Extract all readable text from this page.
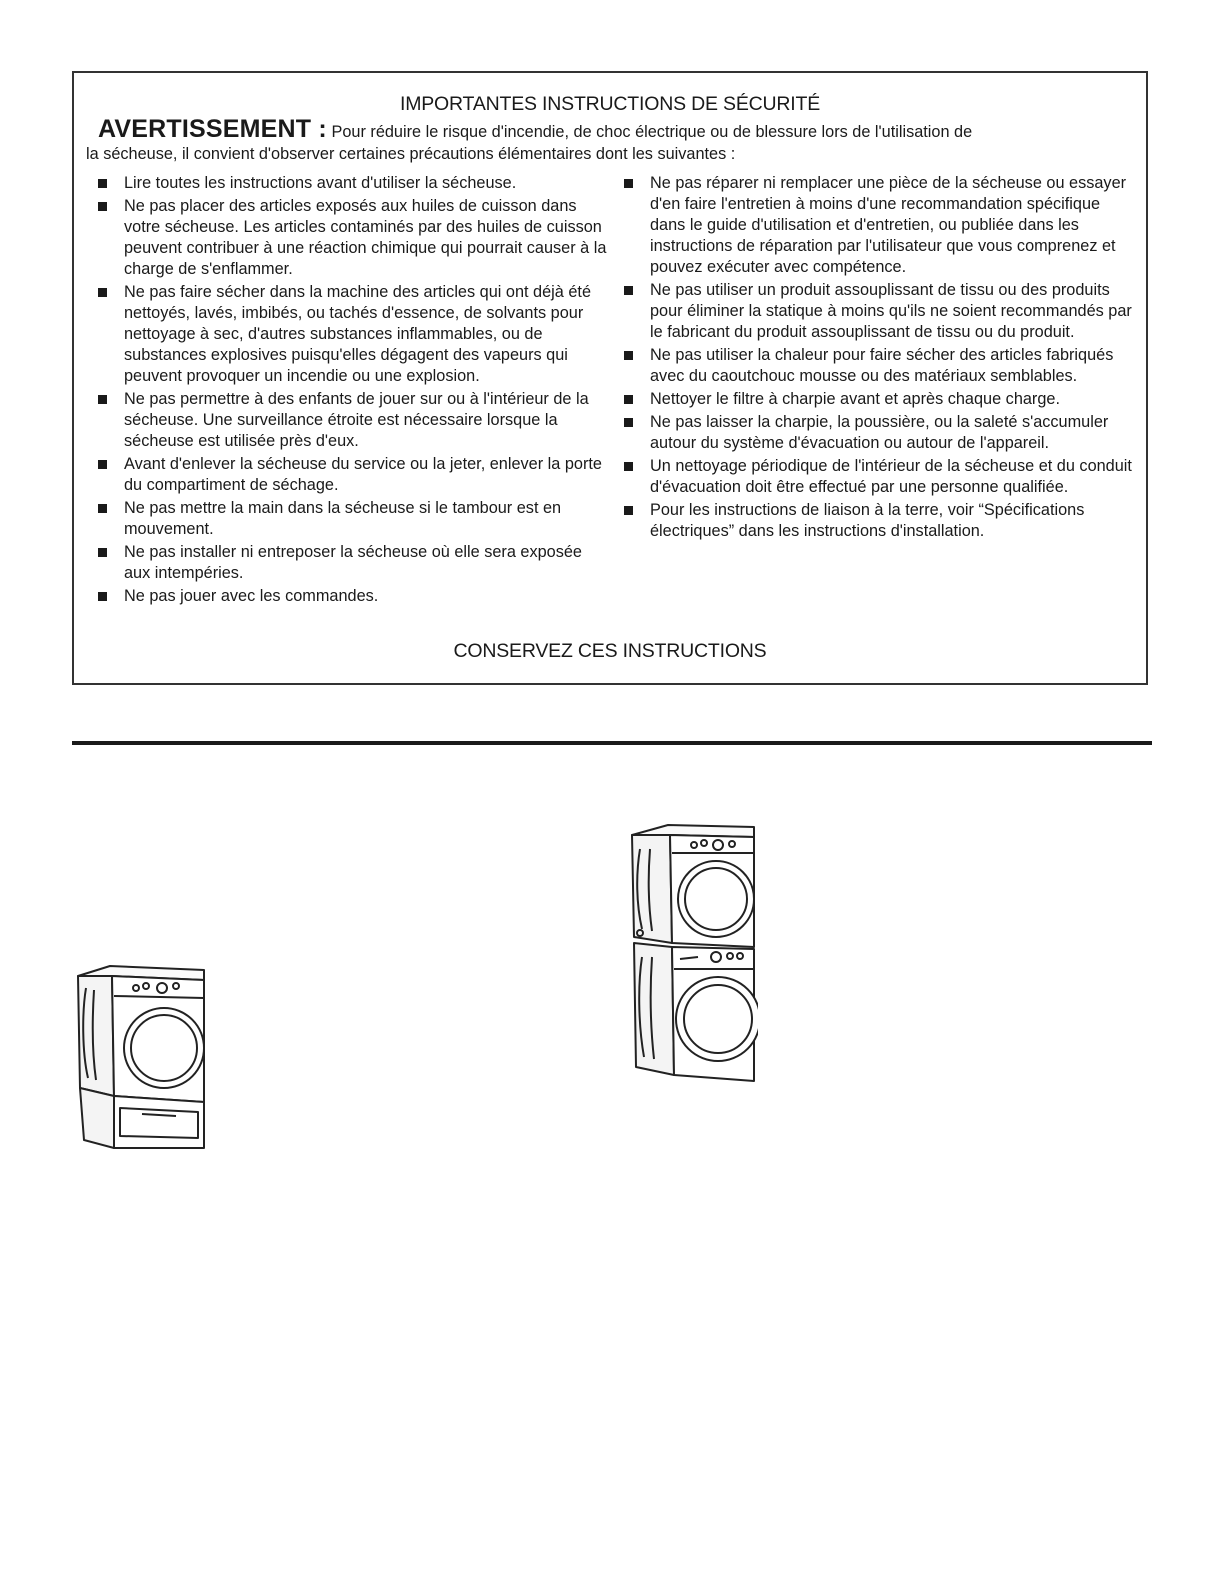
IMPORTANTES INSTRUCTIONS DE SÉCURITÉ
AVERTISSEMENT : Pour réduire le risque d'incendie, de choc électrique ou de blessure lors de l'utilisation de
la sécheuse, il convient d'observer certaines précautions élémentaires dont les suivantes :
Lire toutes les instructions avant d'utiliser la sécheuse.
Ne pas placer des articles exposés aux huiles de cuisson dans votre sécheuse. Les articles contaminés par des huiles de cuisson peuvent contribuer à une réaction chimique qui pourrait causer à la charge de s'enflammer.
Ne pas faire sécher dans la machine des articles qui ont déjà été nettoyés, lavés, imbibés, ou tachés d'essence, de solvants pour nettoyage à sec, d'autres substances inflammables, ou de substances explosives puisqu'elles dégagent des vapeurs qui peuvent provoquer un incendie ou une explosion.
Ne pas permettre à des enfants de jouer sur ou à l'intérieur de la sécheuse. Une surveillance étroite est nécessaire lorsque la sécheuse est utilisée près d'eux.
Avant d'enlever la sécheuse du service ou la jeter, enlever la porte du compartiment de séchage.
Ne pas mettre la main dans la sécheuse si le tambour est en mouvement.
Ne pas installer ni entreposer la sécheuse où elle sera exposée aux intempéries.
Ne pas jouer avec les commandes.
Ne pas réparer ni remplacer une pièce de la sécheuse ou essayer d'en faire l'entretien à moins d'une recommandation spécifique dans le guide d'utilisation et d'entretien, ou publiée dans les instructions de réparation par l'utilisateur que vous comprenez et pouvez exécuter avec compétence.
Ne pas utiliser un produit assouplissant de tissu ou des produits pour éliminer la statique à moins qu'ils ne soient recommandés par le fabricant du produit assouplissant de tissu ou du produit.
Ne pas utiliser la chaleur pour faire sécher des articles fabriqués avec du caoutchouc mousse ou des matériaux semblables.
Nettoyer le filtre à charpie avant et après chaque charge.
Ne pas laisser la charpie, la poussière, ou la saleté s'accumuler autour du système d'évacuation ou autour de l'appareil.
Un nettoyage périodique de l'intérieur de la sécheuse et du conduit d'évacuation doit être effectué par une personne qualifiée.
Pour les instructions de liaison à la terre, voir “Spécifications électriques” dans les instructions d'installation.
CONSERVEZ CES INSTRUCTIONS
